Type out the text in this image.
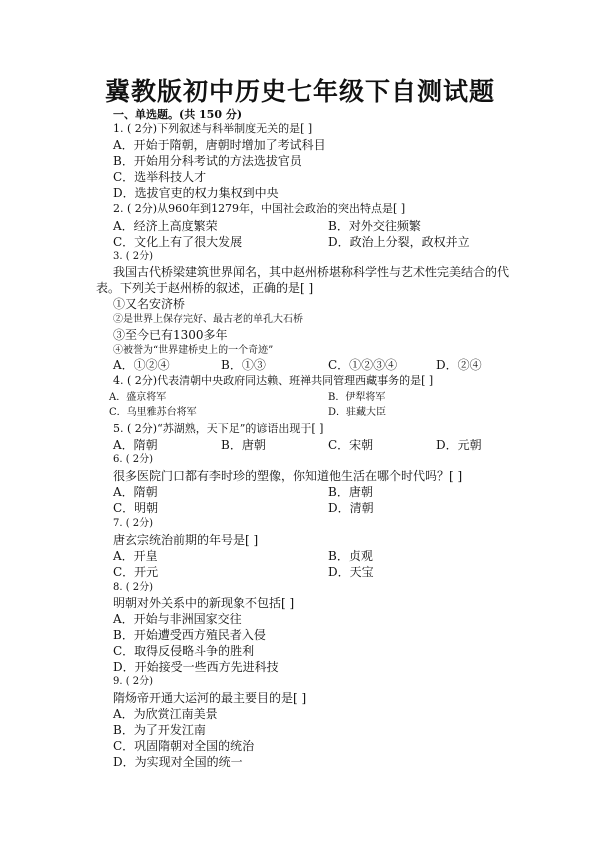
冀教版初中历史七年级下自测试题
一、单选题。(共 150 分)
1. ( 2分)下列叙述与科举制度无关的是[ ]
A．开始于隋朝，唐朝时增加了考试科目
B．开始用分科考试的方法选拔官员
C．选举科技人才
D．选拔官吏的权力集权到中央
2. ( 2分)从960年到1279年，中国社会政治的突出特点是[ ]
A．经济上高度繁荣	B．对外交往频繁
C．文化上有了很大发展	D．政治上分裂，政权并立
3. ( 2分)
我国古代桥梁建筑世界闻名，其中赵州桥堪称科学性与艺术性完美结合的代
表。下列关于赵州桥的叙述，正确的是[ ]
①又名安济桥
②是世界上保存完好、最古老的单孔大石桥
③至今已有1300多年
④被誉为“世界建桥史上的一个奇迹”
A．①②④	B．①③	C．①②③④	D．②④
4. ( 2分)代表清朝中央政府同达赖、班禅共同管理西藏事务的是[ ]
A．盛京将军	B．伊犁将军
C．乌里雅苏台将军	D．驻藏大臣
5. ( 2分)“苏湖熟，天下足”的谚语出现于[ ]
A．隋朝	B．唐朝	C．宋朝	D．元朝
6. ( 2分)
很多医院门口都有李时珍的塑像，你知道他生活在哪个时代吗？[ ]
A．隋朝	B．唐朝
C．明朝	D．清朝
7. ( 2分)
唐玄宗统治前期的年号是[ ]
A．开皇	B．贞观
C．开元	D．天宝
8. ( 2分)
明朝对外关系中的新现象不包括[ ]
A．开始与非洲国家交往
B．开始遭受西方殖民者入侵
C．取得反侵略斗争的胜利
D．开始接受一些西方先进科技
9. ( 2分)
隋炀帝开通大运河的最主要目的是[ ]
A．为欣赏江南美景
B．为了开发江南
C．巩固隋朝对全国的统治
D．为实现对全国的统一
